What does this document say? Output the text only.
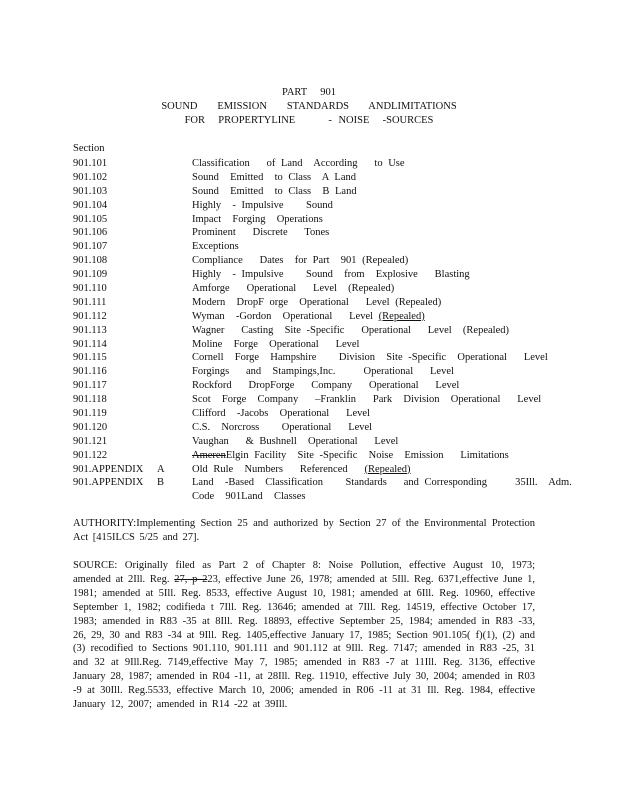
PART  901
SOUND   EMISSION   STANDARDS   ANDLIMITATIONS
FOR  PROPERTYLINE     - NOISE  -SOURCES
Section
901.101	Classification   of Land  According   to Use
901.102	Sound  Emitted  to Class  A Land
901.103	Sound  Emitted  to Class  B Land
901.104	Highly  - Impulsive    Sound
901.105	Impact  Forging  Operations
901.106	Prominent   Discrete   Tones
901.107	Exceptions
901.108	Compliance   Dates  for Part  901 (Repealed)
901.109	Highly  - Impulsive    Sound  from  Explosive   Blasting
901.110	Amforge   Operational   Level  (Repealed)
901.111	Modern  DropF orge  Operational   Level (Repealed)
901.112	Wyman  -Gordon  Operational   Level (Repealed)
901.113	Wagner   Casting  Site -Specific   Operational   Level  (Repealed)
901.114	Moline  Forge  Operational   Level
901.115	Cornell  Forge  Hampshire    Division  Site -Specific  Operational   Level
901.116	Forgings   and  Stampings,Inc.     Operational   Level
901.117	Rockford   DropForge   Company   Operational   Level
901.118	Scot  Forge  Company   –Franklin   Park  Division  Operational   Level
901.119	Clifford  -Jacobs  Operational   Level
901.120	C.S.  Norcross    Operational   Level
901.121	Vaughan   & Bushnell  Operational   Level
901.122	AmerenElgin Facility  Site -Specific  Noise  Emission   Limitations
901.APPENDIX A	Old Rule  Numbers   Referenced   (Repealed)
901.APPENDIX B	Land  -Based  Classification    Standards   and Corresponding     35Ill.  Adm.
Code  901Land  Classes
AUTHORITY:Implementing Section 25 and authorized by Section 27 of the Environmental Protection Act [415ILCS 5/25 and 27].
SOURCE: Originally filed as Part 2 of Chapter 8: Noise Pollution, effective August 10, 1973; amended at 2Ill. Reg. 27, p 223, effective June 26, 1978; amended at 5Ill. Reg. 6371,effective June 1, 1981; amended at 5Ill. Reg. 8533, effective August 10, 1981; amended at 6Ill. Reg. 10960, effective September 1, 1982; codifieda t 7Ill. Reg. 13646; amended at 7Ill. Reg. 14519, effective October 17, 1983; amended in R83 -35 at 8Ill. Reg. 18893, effective September 25, 1984; amended in R83 -33, 26, 29, 30 and R83 -34 at 9Ill. Reg. 1405,effective January 17, 1985; Section 901.105( f)(1), (2) and (3) recodified to Sections 901.110, 901.111 and 901.112 at 9Ill. Reg. 7147; amended in R83 -25, 31 and 32 at 9Ill.Reg. 7149,effective May 7, 1985; amended in R83 -7 at 11Ill. Reg. 3136, effective January 28, 1987; amended in R04 -11, at 28Ill. Reg. 11910, effective July 30, 2004; amended in R03 -9 at 30Ill. Reg.5533, effective March 10, 2006; amended in R06 -11 at 31 Ill. Reg. 1984, effective January 12, 2007; amended in R14 -22 at 39Ill.
